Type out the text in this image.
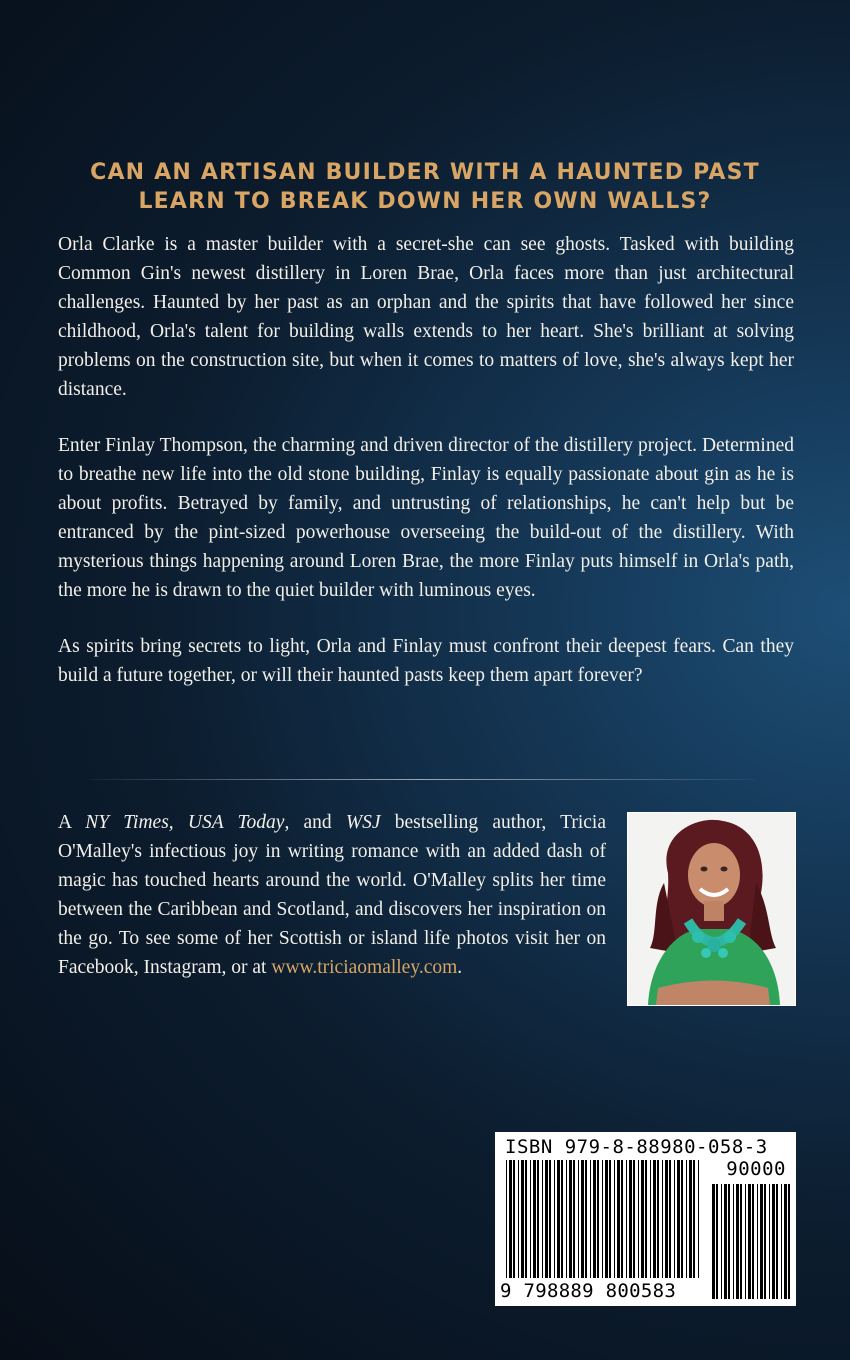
CAN AN ARTISAN BUILDER WITH A HAUNTED PAST
LEARN TO BREAK DOWN HER OWN WALLS?

Orla Clarke is a master builder with a secret-she can see ghosts. Tasked with building Common Gin's newest distillery in Loren Brae, Orla faces more than just architectural challenges. Haunted by her past as an orphan and the spirits that have followed her since childhood, Orla's talent for building walls extends to her heart. She's brilliant at solving problems on the construction site, but when it comes to matters of love, she's always kept her distance.

Enter Finlay Thompson, the charming and driven director of the distillery project. Determined to breathe new life into the old stone building, Finlay is equally passionate about gin as he is about profits. Betrayed by family, and untrusting of relationships, he can't help but be entranced by the pint-sized powerhouse overseeing the build-out of the distillery. With mysterious things happening around Loren Brae, the more Finlay puts himself in Orla's path, the more he is drawn to the quiet builder with luminous eyes.

As spirits bring secrets to light, Orla and Finlay must confront their deepest fears. Can they build a future together, or will their haunted pasts keep them apart forever?

A NY Times, USA Today, and WSJ bestselling author, Tricia O'Malley's infectious joy in writing romance with an added dash of magic has touched hearts around the world. O'Malley splits her time between the Caribbean and Scotland, and discovers her inspiration on the go. To see some of her Scottish or island life photos visit her on Facebook, Instagram, or at www.triciaomalley.com.

ISBN 979-8-88980-058-3
90000
9 798889 800583
